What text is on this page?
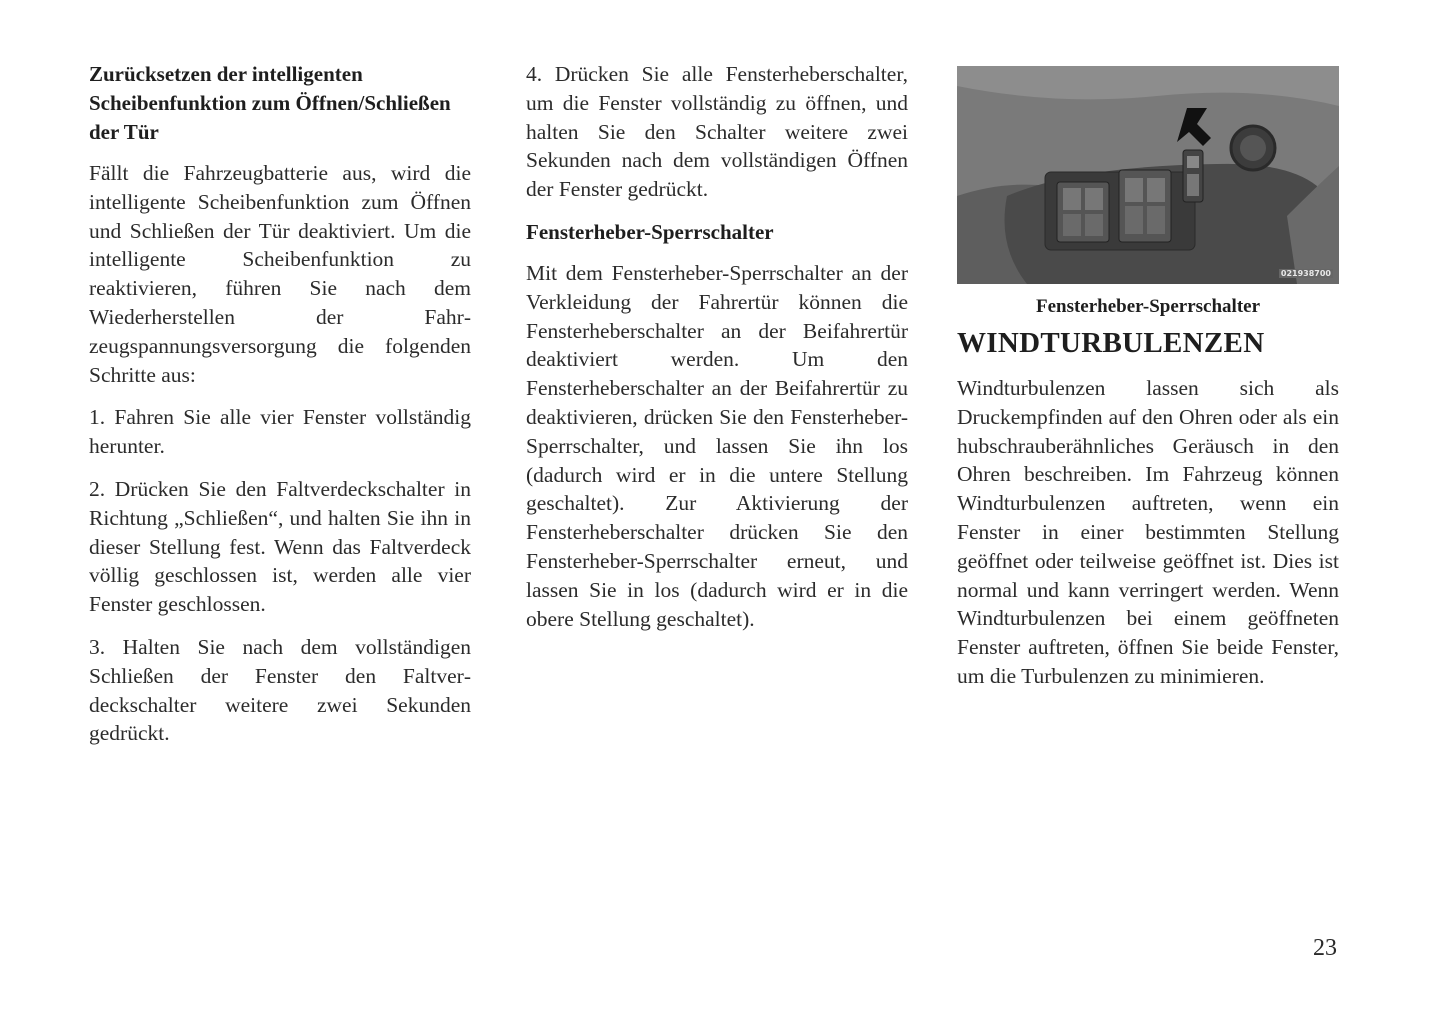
Zurücksetzen der intelligenten Scheibenfunktion zum Öffnen/Schließen der Tür

Fällt die Fahrzeugbatterie aus, wird die intelligente Scheibenfunktion zum Öffnen und Schließen der Tür deaktiviert. Um die intelligente Scheibenfunktion zu reaktivieren, führen Sie nach dem Wiederherstellen der Fahrzeugspannungsversorgung die folgenden Schritte aus:

1. Fahren Sie alle vier Fenster vollständig herunter.

2. Drücken Sie den Faltverdeckschalter in Richtung „Schließen“, und halten Sie ihn in dieser Stellung fest. Wenn das Faltverdeck völlig geschlossen ist, werden alle vier Fenster geschlossen.

3. Halten Sie nach dem vollständigen Schließen der Fenster den Faltverdeckschalter weitere zwei Sekunden gedrückt.

4. Drücken Sie alle Fensterheberschalter, um die Fenster vollständig zu öffnen, und halten Sie den Schalter weitere zwei Sekunden nach dem vollständigen Öffnen der Fenster gedrückt.

Fensterheber-Sperrschalter

Mit dem Fensterheber-Sperrschalter an der Verkleidung der Fahrertür können die Fensterheberschalter an der Beifahrertür deaktiviert werden. Um den Fensterheberschalter an der Beifahrertür zu deaktivieren, drücken Sie den Fensterheber-Sperrschalter, und lassen Sie ihn los (dadurch wird er in die untere Stellung geschaltet). Zur Aktivierung der Fensterheberschalter drücken Sie den Fensterheber-Sperrschalter erneut, und lassen Sie in los (dadurch wird er in die obere Stellung geschaltet).

021938700
Fensterheber-Sperrschalter
WINDTURBULENZEN

Windturbulenzen lassen sich als Druckempfinden auf den Ohren oder als ein hubschrauberähnliches Geräusch in den Ohren beschreiben. Im Fahrzeug können Windturbulenzen auftreten, wenn ein Fenster in einer bestimmten Stellung geöffnet oder teilweise geöffnet ist. Dies ist normal und kann verringert werden. Wenn Windturbulenzen bei einem geöffneten Fenster auftreten, öffnen Sie beide Fenster, um die Turbulenzen zu minimieren.

23
